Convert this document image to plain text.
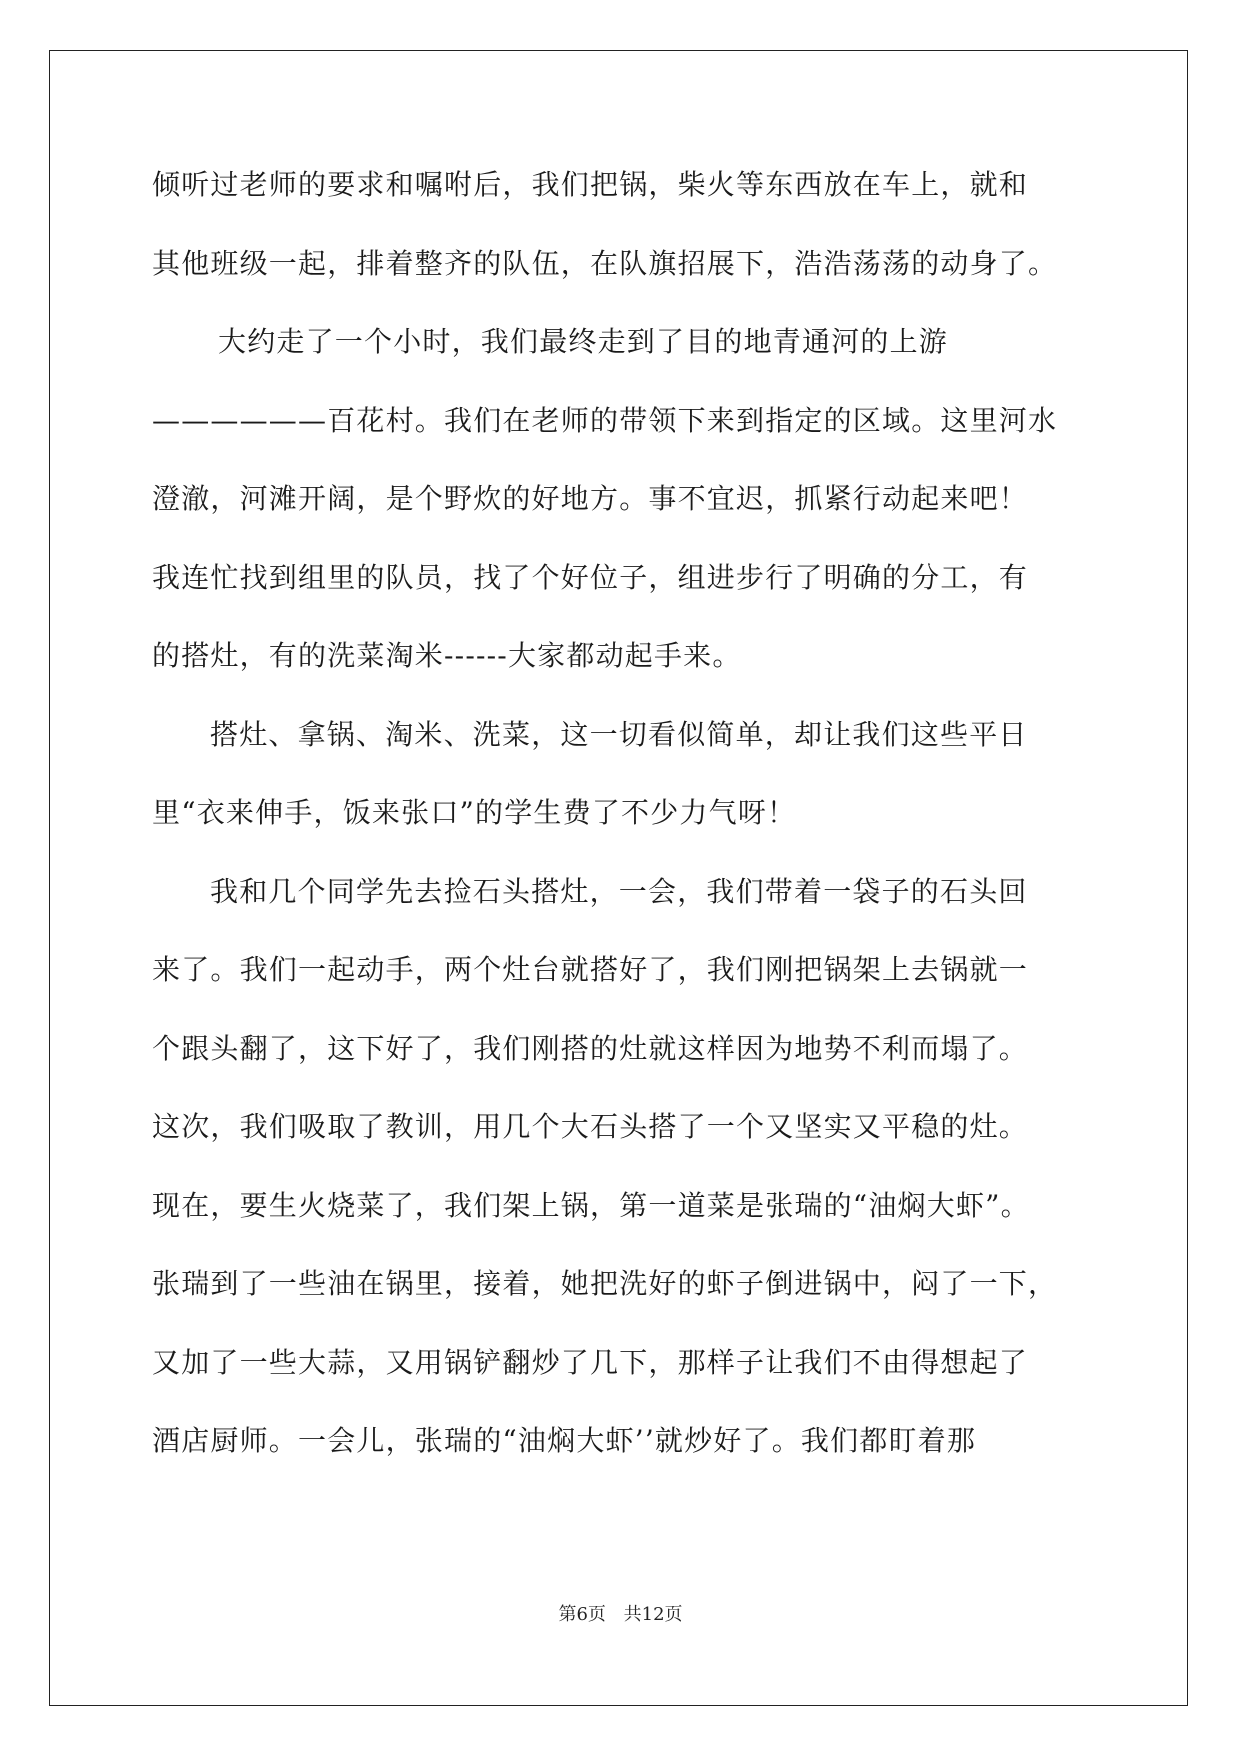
倾听过老师的要求和嘱咐后，我们把锅，柴火等东西放在车上，就和
其他班级一起，排着整齐的队伍，在队旗招展下，浩浩荡荡的动身了。
大约走了一个小时，我们最终走到了目的地青通河的上游
——————百花村。我们在老师的带领下来到指定的区域。这里河水
澄澈，河滩开阔，是个野炊的好地方。事不宜迟，抓紧行动起来吧！
我连忙找到组里的队员，找了个好位子，组进步行了明确的分工，有
的搭灶，有的洗菜淘米------大家都动起手来。
搭灶、拿锅、淘米、洗菜，这一切看似简单，却让我们这些平日
里“衣来伸手，饭来张口”的学生费了不少力气呀！
我和几个同学先去捡石头搭灶，一会，我们带着一袋子的石头回
来了。我们一起动手，两个灶台就搭好了，我们刚把锅架上去锅就一
个跟头翻了，这下好了，我们刚搭的灶就这样因为地势不利而塌了。
这次，我们吸取了教训，用几个大石头搭了一个又坚实又平稳的灶。
现在，要生火烧菜了，我们架上锅，第一道菜是张瑞的“油焖大虾”。
张瑞到了一些油在锅里，接着，她把洗好的虾子倒进锅中，闷了一下，
又加了一些大蒜，又用锅铲翻炒了几下，那样子让我们不由得想起了
酒店厨师。一会儿，张瑞的“油焖大虾’’就炒好了。我们都盯着那
第6页 共12页
